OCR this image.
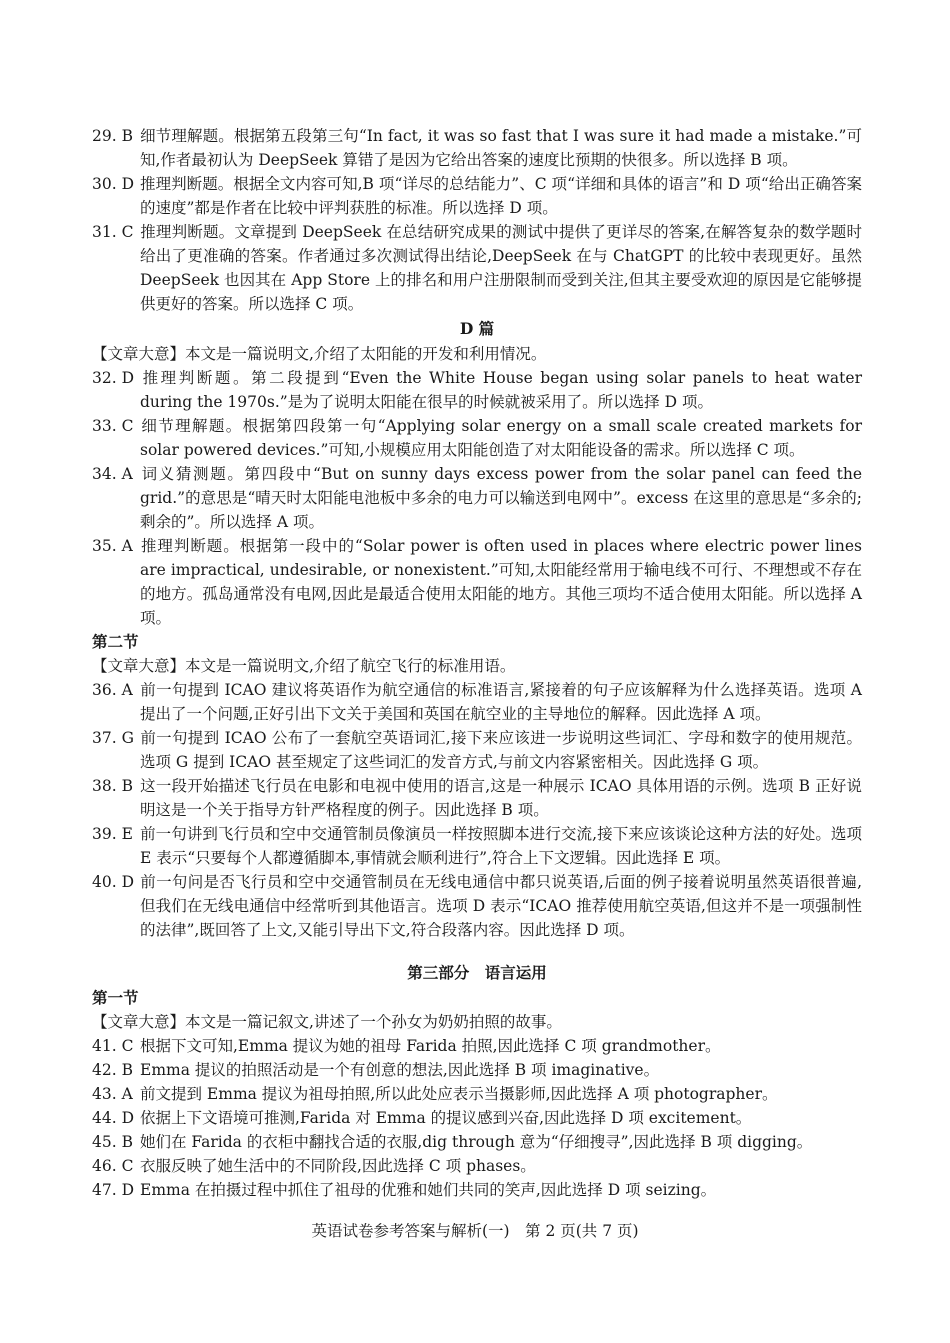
29. B 细节理解题。根据第五段第三句“In fact, it was so fast that I was sure it had made a mistake.”可知,作者最初认为 DeepSeek 算错了是因为它给出答案的速度比预期的快很多。所以选择 B 项。

30. D 推理判断题。根据全文内容可知,B 项“详尽的总结能力”、C 项“详细和具体的语言”和 D 项“给出正确答案的速度”都是作者在比较中评判获胜的标准。所以选择 D 项。

31. C 推理判断题。文章提到 DeepSeek 在总结研究成果的测试中提供了更详尽的答案,在解答复杂的数学题时给出了更准确的答案。作者通过多次测试得出结论,DeepSeek 在与 ChatGPT 的比较中表现更好。虽然 DeepSeek 也因其在 App Store 上的排名和用户注册限制而受到关注,但其主要受欢迎的原因是它能够提供更好的答案。所以选择 C 项。

D 篇

【文章大意】本文是一篇说明文,介绍了太阳能的开发和利用情况。

32. D 推理判断题。第二段提到“Even the White House began using solar panels to heat water during the 1970s.”是为了说明太阳能在很早的时候就被采用了。所以选择 D 项。

33. C 细节理解题。根据第四段第一句“Applying solar energy on a small scale created markets for solar powered devices.”可知,小规模应用太阳能创造了对太阳能设备的需求。所以选择 C 项。

34. A 词义猜测题。第四段中“But on sunny days excess power from the solar panel can feed the grid.”的意思是“晴天时太阳能电池板中多余的电力可以输送到电网中”。excess 在这里的意思是“多余的;剩余的”。所以选择 A 项。

35. A 推理判断题。根据第一段中的“Solar power is often used in places where electric power lines are impractical, undesirable, or nonexistent.”可知,太阳能经常用于输电线不可行、不理想或不存在的地方。孤岛通常没有电网,因此是最适合使用太阳能的地方。其他三项均不适合使用太阳能。所以选择 A 项。

第二节

【文章大意】本文是一篇说明文,介绍了航空飞行的标准用语。

36. A 前一句提到 ICAO 建议将英语作为航空通信的标准语言,紧接着的句子应该解释为什么选择英语。选项 A 提出了一个问题,正好引出下文关于美国和英国在航空业的主导地位的解释。因此选择 A 项。

37. G 前一句提到 ICAO 公布了一套航空英语词汇,接下来应该进一步说明这些词汇、字母和数字的使用规范。选项 G 提到 ICAO 甚至规定了这些词汇的发音方式,与前文内容紧密相关。因此选择 G 项。

38. B 这一段开始描述飞行员在电影和电视中使用的语言,这是一种展示 ICAO 具体用语的示例。选项 B 正好说明这是一个关于指导方针严格程度的例子。因此选择 B 项。

39. E 前一句讲到飞行员和空中交通管制员像演员一样按照脚本进行交流,接下来应该谈论这种方法的好处。选项 E 表示“只要每个人都遵循脚本,事情就会顺利进行”,符合上下文逻辑。因此选择 E 项。

40. D 前一句问是否飞行员和空中交通管制员在无线电通信中都只说英语,后面的例子接着说明虽然英语很普遍,但我们在无线电通信中经常听到其他语言。选项 D 表示“ICAO 推荐使用航空英语,但这并不是一项强制性的法律”,既回答了上文,又能引导出下文,符合段落内容。因此选择 D 项。

第三部分　语言运用

第一节

【文章大意】本文是一篇记叙文,讲述了一个孙女为奶奶拍照的故事。

41. C 根据下文可知,Emma 提议为她的祖母 Farida 拍照,因此选择 C 项 grandmother。

42. B Emma 提议的拍照活动是一个有创意的想法,因此选择 B 项 imaginative。

43. A 前文提到 Emma 提议为祖母拍照,所以此处应表示当摄影师,因此选择 A 项 photographer。

44. D 依据上下文语境可推测,Farida 对 Emma 的提议感到兴奋,因此选择 D 项 excitement。

45. B 她们在 Farida 的衣柜中翻找合适的衣服,dig through 意为“仔细搜寻”,因此选择 B 项 digging。

46. C 衣服反映了她生活中的不同阶段,因此选择 C 项 phases。

47. D Emma 在拍摄过程中抓住了祖母的优雅和她们共同的笑声,因此选择 D 项 seizing。

英语试卷参考答案与解析(一)　第 2 页(共 7 页)
